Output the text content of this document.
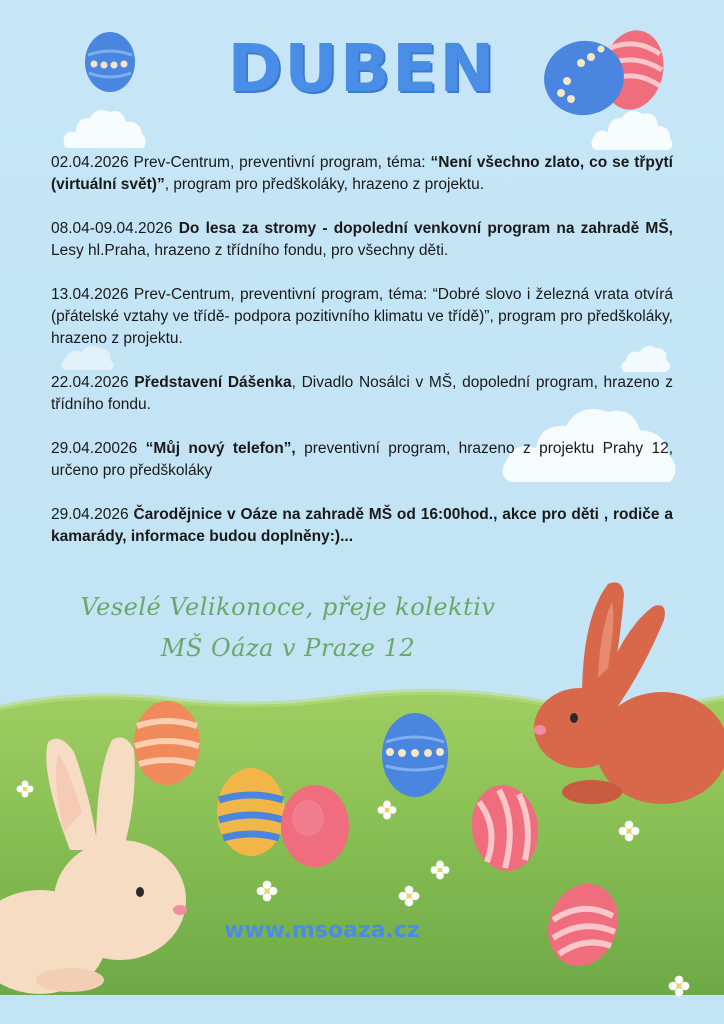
DUBEN
02.04.2026 Prev-Centrum, preventivní program, téma: “Není všechno zlato, co se třpytí (virtuální svět)”, program pro předškoláky, hrazeno z projektu.
08.04-09.04.2026 Do lesa za stromy - dopolední venkovní program na zahradě MŠ, Lesy hl.Praha, hrazeno z třídního fondu, pro všechny děti.
13.04.2026 Prev-Centrum, preventivní program, téma: “Dobré slovo i železná vrata otvírá (přátelské vztahy ve třídě- podpora pozitivního klimatu ve třídě)”, program pro předškoláky, hrazeno z projektu.
22.04.2026 Představení Dášenka, Divadlo Nosálci v MŠ, dopolední program, hrazeno z třídního fondu.
29.04.20026 “Můj nový telefon”, preventivní program, hrazeno z projektu Prahy 12, určeno pro předškoláky
29.04.2026 Čarodějnice v Oáze na zahradě MŠ od 16:00hod., akce pro děti , rodiče a kamarády, informace budou doplněny:)...
Veselé Velikonoce, přeje kolektiv
MŠ Oáza v Praze 12
www.msoaza.cz
